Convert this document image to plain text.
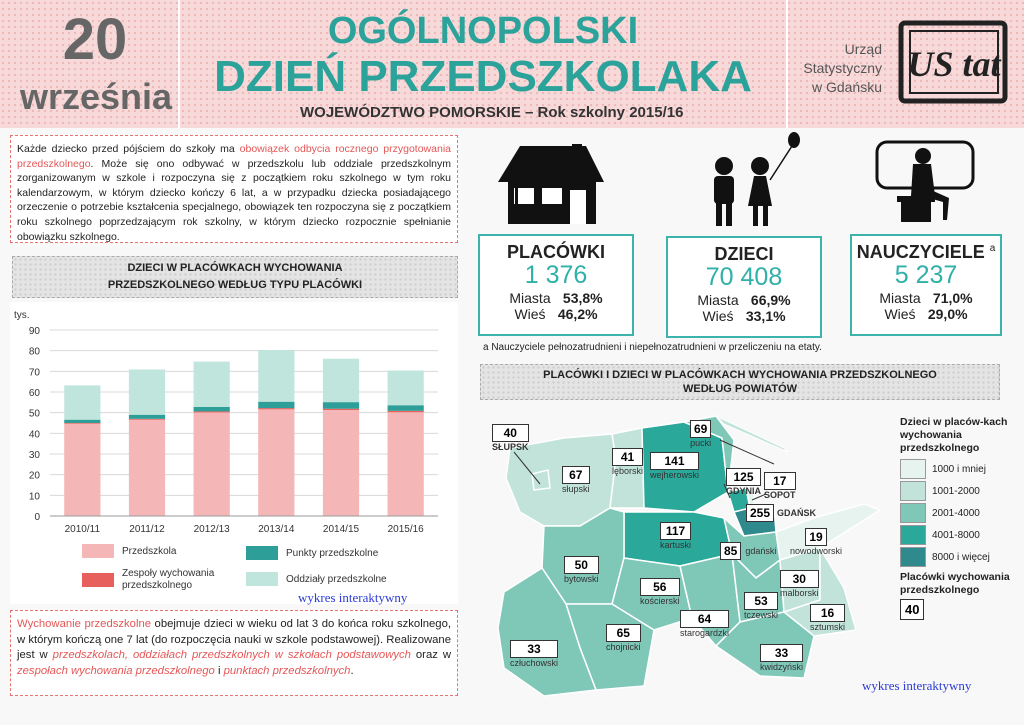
20
września
OGÓLNOPOLSKI
DZIEŃ PRZEDSZKOLAKA
WOJEWÓDZTWO POMORSKIE – Rok szkolny 2015/16
Urząd
Statystyczny
w Gdańsku
US tat
Każde dziecko przed pójściem do szkoły ma obowiązek odbycia rocznego przygotowania przedszkolnego. Może się ono odbywać w przedszkolu lub oddziale przedszkolnym zorganizowanym w szkole i rozpoczyna się z początkiem roku szkolnego w tym roku kalendarzowym, w którym dziecko kończy 6 lat, a w przypadku dziecka posiadającego orzeczenie o potrzebie kształcenia specjalnego, obowiązek ten rozpoczyna się z początkiem roku szkolnego poprzedzającym rok szkolny, w którym dziecko rozpocznie spełnianie obowiązku szkolnego.
PLACÓWKI
1 376
Miasta 53,8%
Wieś 46,2%
DZIECI
70 408
Miasta 66,9%
Wieś 33,1%
NAUCZYCIELE $^a$
5 237
Miasta 71,0%
Wieś 29,0%
a Nauczyciele pełnozatrudnieni i niepełnozatrudnieni w przeliczeniu na etaty.
DZIECI W PLACÓWKACH WYCHOWANIA PRZEDSZKOLNEGO WEDŁUG TYPU PLACÓWKI
tys.
0
10
20
30
40
50
60
70
80
90
2010/11	2011/12	2012/13	2013/14	2014/15	2015/16
Przedszkola
Zespoły wychowania przedszkolnego
Punkty przedszkolne
Oddziały przedszkolne
wykres interaktywny
Wychowanie przedszkolne obejmuje dzieci w wieku od lat 3 do końca roku szkolnego, w którym kończą one 7 lat (do rozpoczęcia nauki w szkole podstawowej). Realizowane jest w przedszkolach, oddziałach przedszkolnych w szkołach podstawowych oraz w zespołach wychowania przedszkolnego i punktach przedszkolnych.
PLACÓWKI I DZIECI W PLACÓWKACH WYCHOWANIA PRZEDSZKOLNEGO WEDŁUG POWIATÓW
40
SŁUPSK
67
słupski
41
lęborski
141
wejherowski
69
pucki
125
GDYNIA
17
SOPOT
255 GDAŃSK
117
kartuski	85 gdański
19
nowodworski
50
bytowski
56
kościerski
30
malborski
53
tczewski	16
sztumski
64
starogardzki
65
chojnicki
33
człuchowski
33
kwidzyński
Dzieci w placów-kach wychowania przedszkolnego
1000 i mniej
1001-2000
2001-4000
4001-8000
8000 i więcej
Placówki wychowania przedszkolnego
40
wykres interaktywny
